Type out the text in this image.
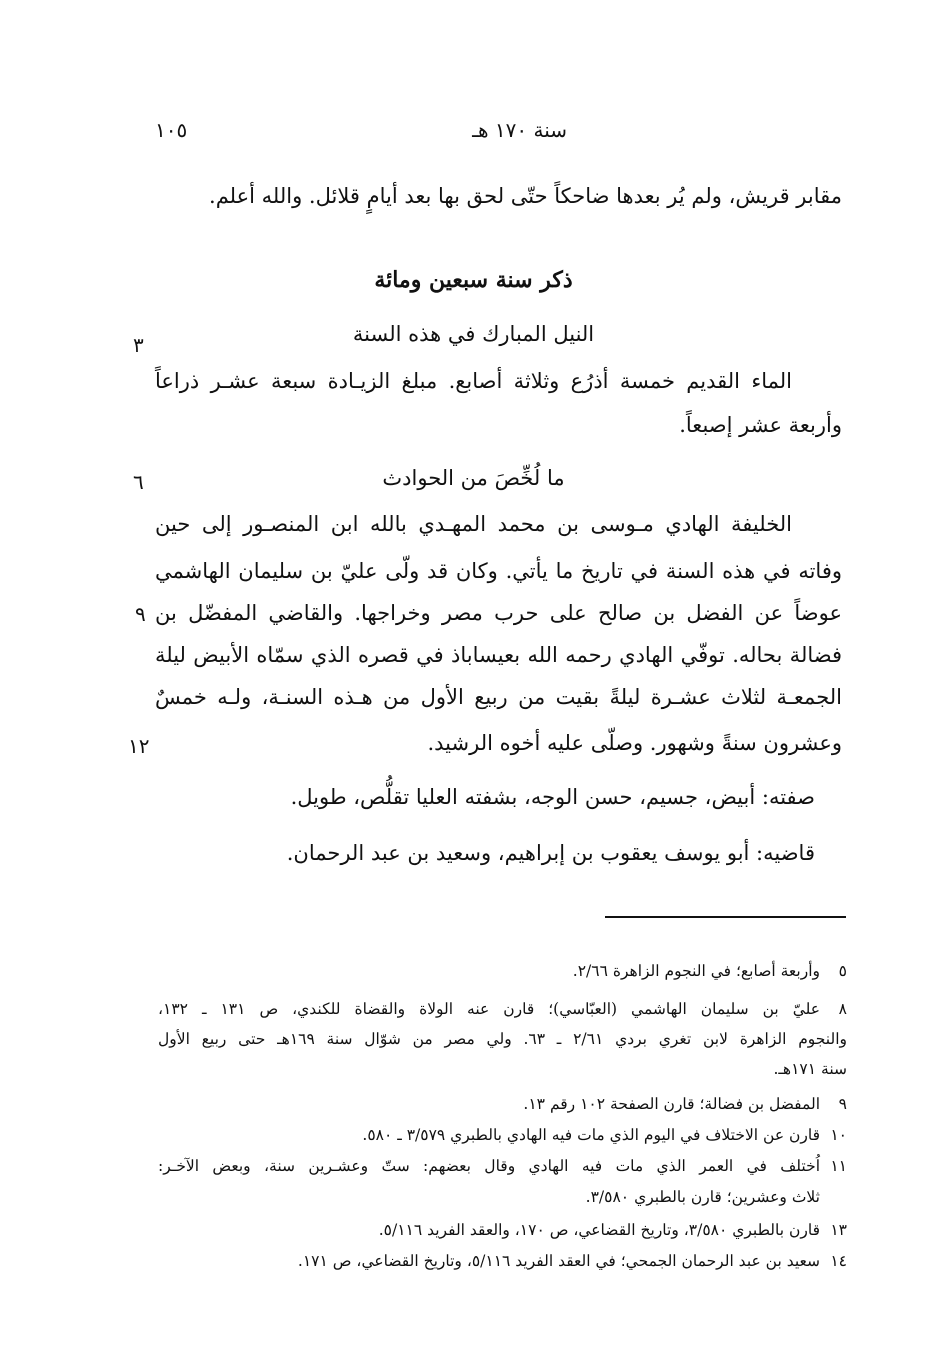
سنة ١٧٠ هـ
١٠٥
مقابر قريش، ولم يُر بعدها ضاحكاً حتّى لحق بها بعد أيامٍ قلائل. والله أعلم.
ذكر سنة سبعين ومائة
النيل المبارك في هذه السنة
٣
الماء القديم خمسة أذرُع وثلاثة أصابع. مبلغ الزيـادة سبعة عشـر ذراعاً
وأربعة عشر إصبعاً.
ما لُخِّصَ من الحوادث
٦
الخليفة الهادي مـوسى بن محمد المهـدي بالله ابن المنصـور إلى حين
وفاته في هذه السنة في تاريخ ما يأتي. وكان قد ولّى عليّ بن سليمان الهاشمي
عوضاً عن الفضل بن صالح على حرب مصر وخراجها. والقاضي المفضّل بن
فضالة بحاله. توفّي الهادي رحمه الله بعيساباذ في قصره الذي سمّاه الأبيض ليلة
الجمعـة لثلاث عشـرة ليلةً بقيت من ربيع الأول من هـذه السنـة، ولـه خمسٌ
وعشرون سنةً وشهور. وصلّى عليه أخوه الرشيد.
٩
١٢
صفته: أبيض، جسيم، حسن الوجه، بشفته العليا تقلُّص، طويل.
قاضيه: أبو يوسف يعقوب بن إبراهيم، وسعيد بن عبد الرحمان.
٥
وأربعة أصابع؛ في النجوم الزاهرة ٢/٦٦.
٨
عليّ بن سليمان الهاشمي (العبّاسي)؛ قارن عنه الولاة والقضاة للكندي، ص ١٣١ ـ ١٣٢،
والنجوم الزاهرة لابن تغري بردي ٢/٦١ ـ ٦٣. ولي مصر من شوّال سنة ١٦٩هـ حتى ربيع الأول
سنة ١٧١هـ.
٩
المفضل بن فضالة؛ قارن الصفحة ١٠٢ رقم ١٣.
١٠
قارن عن الاختلاف في اليوم الذي مات فيه الهادي بالطبري ٣/٥٧٩ ـ ٥٨٠.
١١
اُختلف في العمر الذي مات فيه الهادي وقال بعضهم: ستّ وعشـرين سنة، وبعض الآخـر:
ثلاث وعشرين؛ قارن بالطبري ٣/٥٨٠.
١٣
قارن بالطبري ٣/٥٨٠، وتاريخ القضاعي، ص ١٧٠، والعقد الفريد ٥/١١٦.
١٤
سعيد بن عبد الرحمان الجمحي؛ في العقد الفريد ٥/١١٦، وتاريخ القضاعي، ص ١٧١.
